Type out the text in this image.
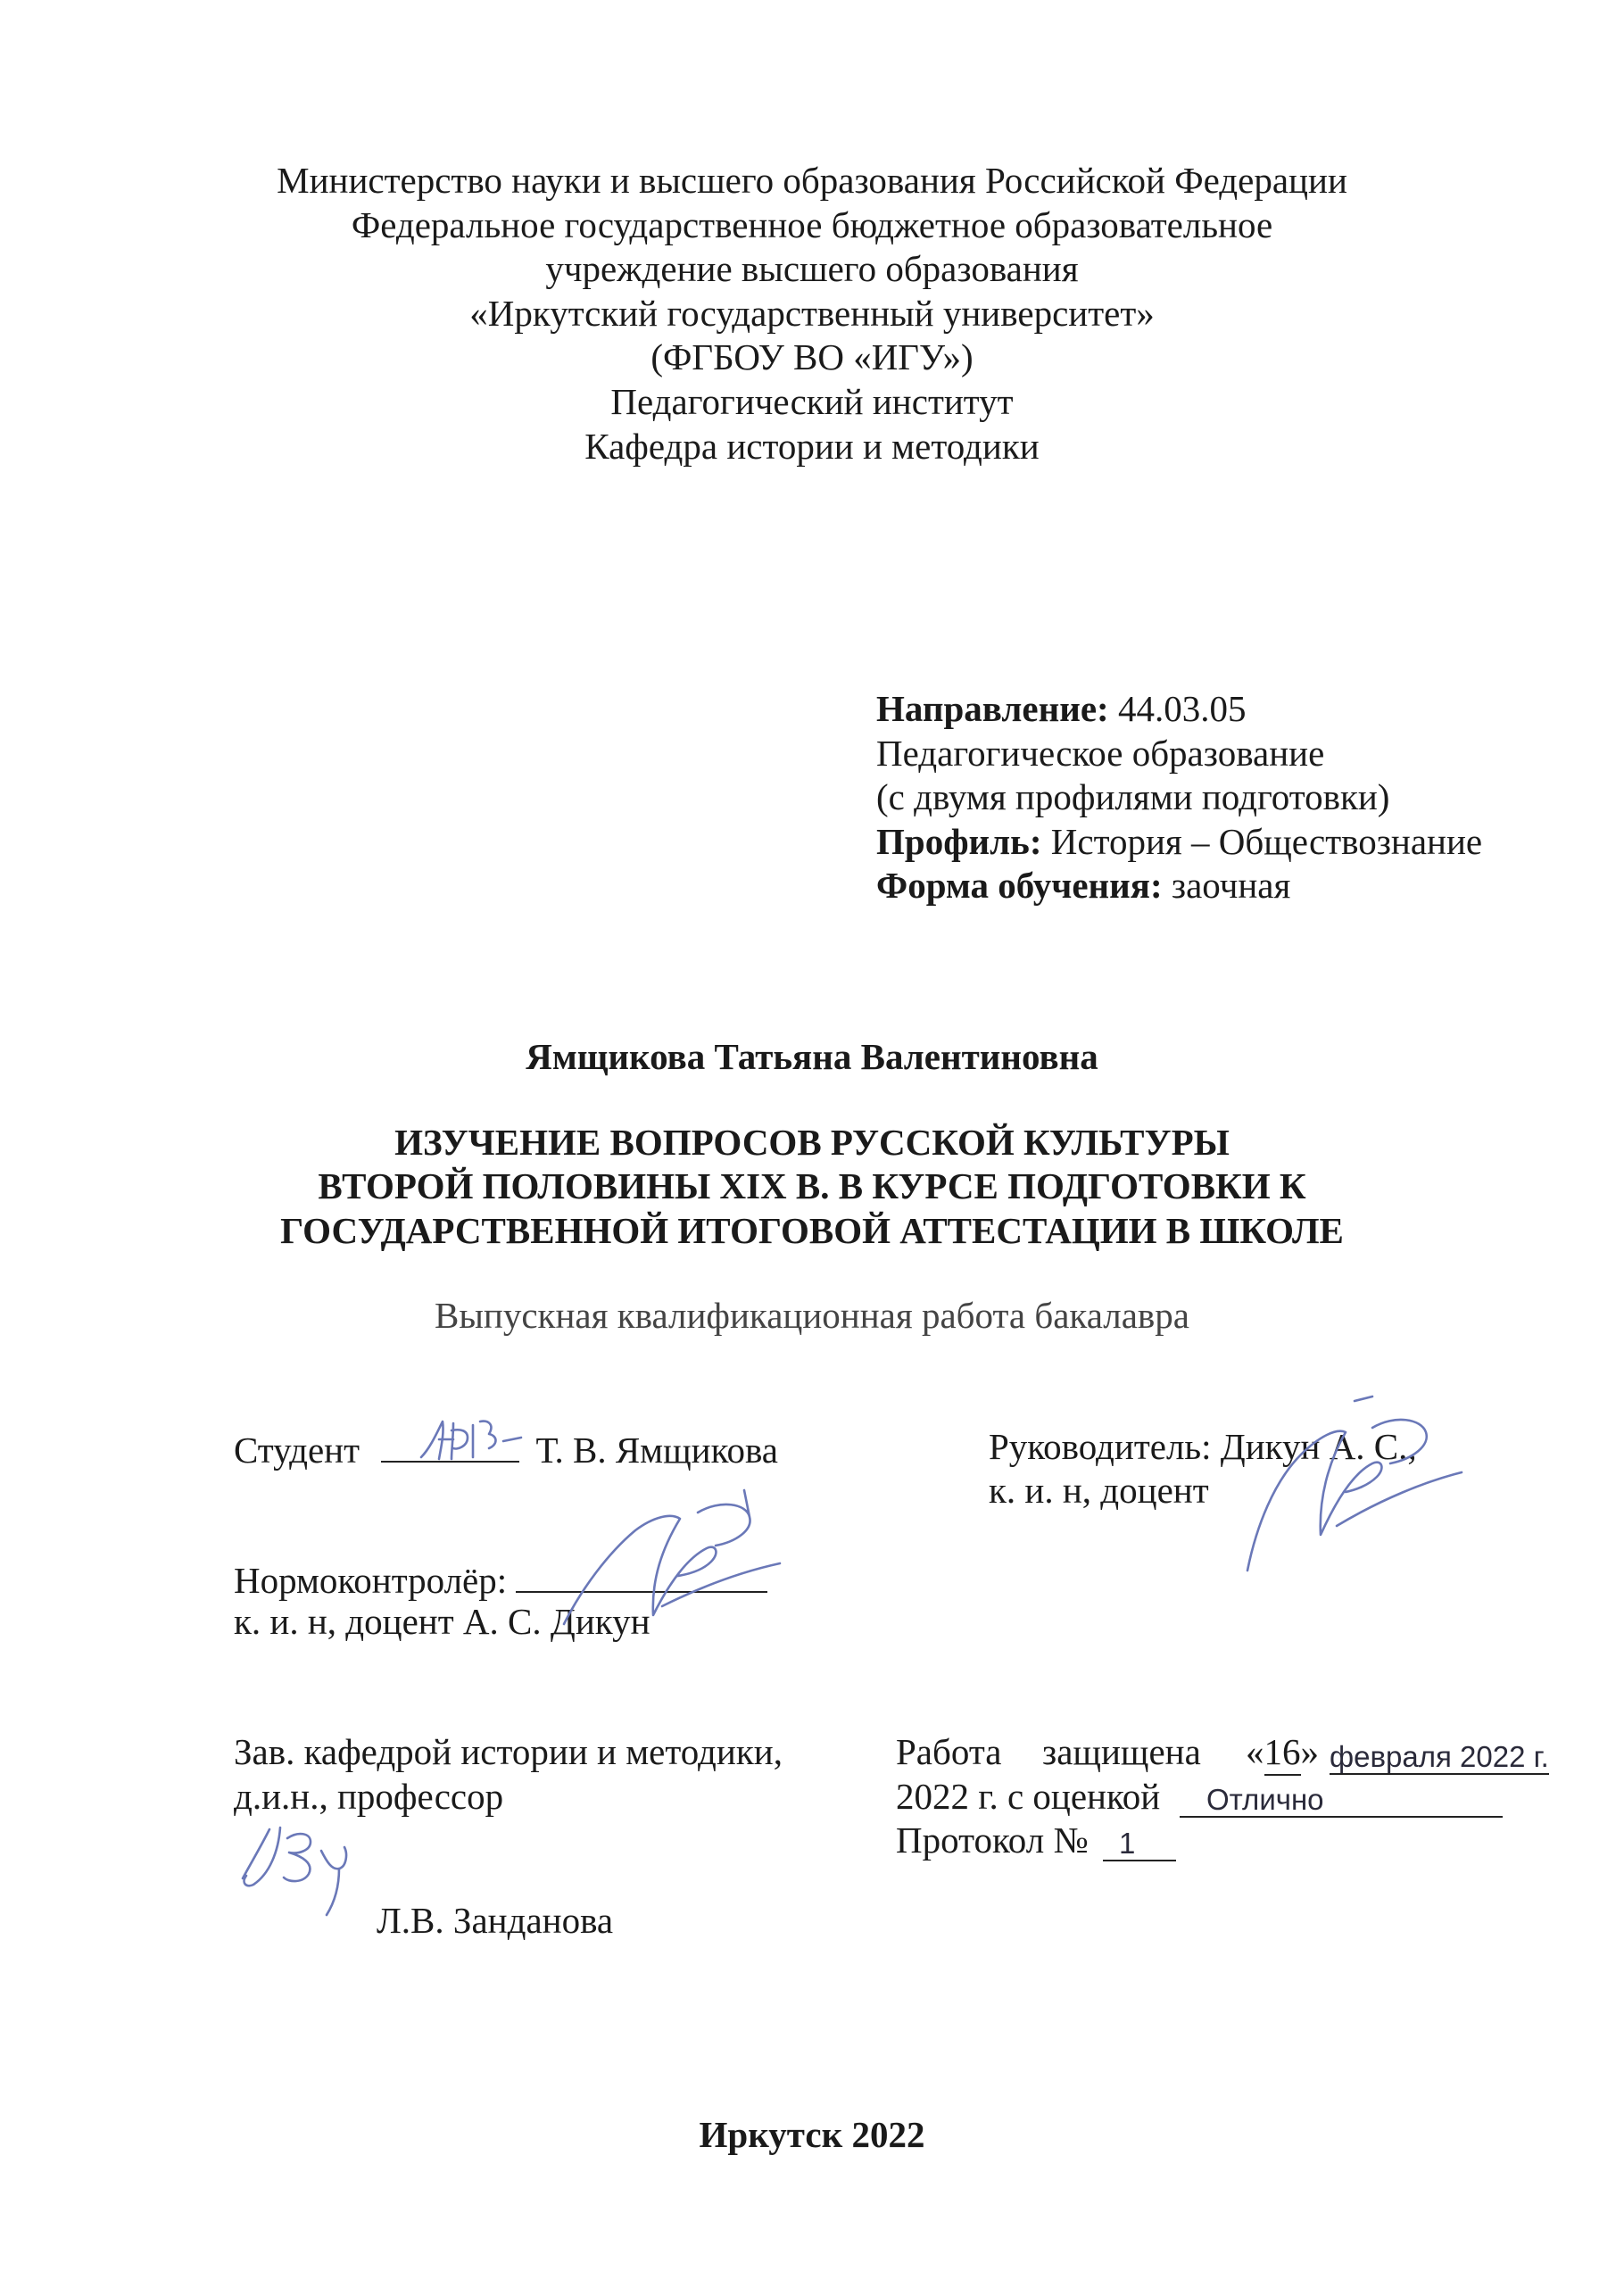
Министерство науки и высшего образования Российской Федерации
Федеральное государственное бюджетное образовательное
учреждение высшего образования
«Иркутский государственный университет»
(ФГБОУ ВО «ИГУ»)
Педагогический институт
Кафедра истории и методики
Направление: 44.03.05
Педагогическое образование
(с двумя профилями подготовки)
Профиль: История – Обществознание
Форма обучения: заочная
Ямщикова Татьяна Валентиновна
ИЗУЧЕНИЕ ВОПРОСОВ РУССКОЙ КУЛЬТУРЫ
ВТОРОЙ ПОЛОВИНЫ XIX В. В КУРСЕ ПОДГОТОВКИ К
ГОСУДАРСТВЕННОЙ ИТОГОВОЙ АТТЕСТАЦИИ В ШКОЛЕ
Выпускная квалификационная работа бакалавра
Студент	Т. В. Ямщикова	Руководитель: Дикун А. С.,
к. и. н, доцент
Нормоконтролёр:
к. и. н, доцент А. С. Дикун
Зав. кафедрой истории и методики,
д.и.н., профессор
Л.В. Занданова
Работа защищена «16» февраля 2022 г.
2022 г. с оценкой Отлично
Протокол № 1
Иркутск 2022
